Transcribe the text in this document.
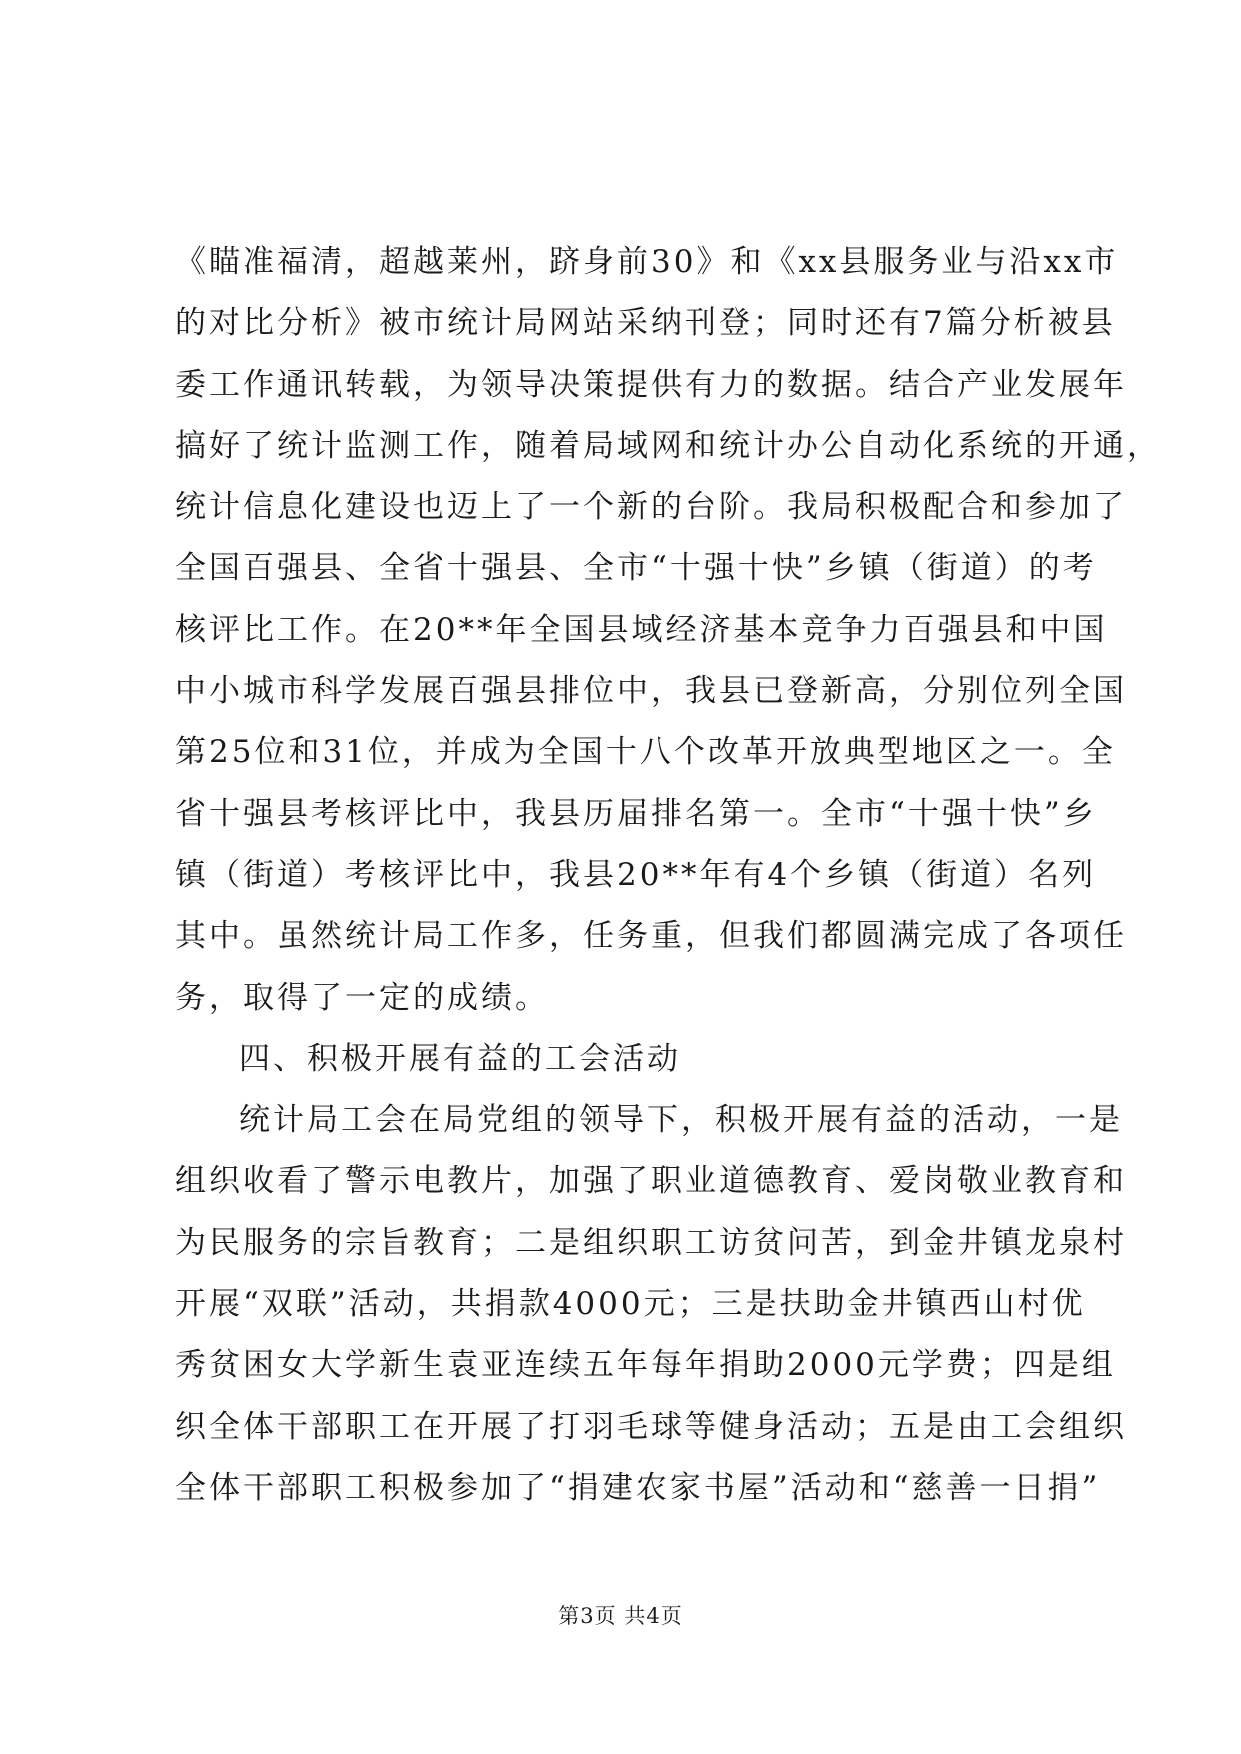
《瞄准福清，超越莱州，跻身前30》和《xx县服务业与沿xx市
的对比分析》被市统计局网站采纳刊登；同时还有7篇分析被县
委工作通讯转载，为领导决策提供有力的数据。结合产业发展年
搞好了统计监测工作，随着局域网和统计办公自动化系统的开通，
统计信息化建设也迈上了一个新的台阶。我局积极配合和参加了
全国百强县、全省十强县、全市“十强十快”乡镇（街道）的考
核评比工作。在20**年全国县域经济基本竞争力百强县和中国
中小城市科学发展百强县排位中，我县已登新高，分别位列全国
第25位和31位，并成为全国十八个改革开放典型地区之一。全
省十强县考核评比中，我县历届排名第一。全市“十强十快”乡
镇（街道）考核评比中，我县20**年有4个乡镇（街道）名列
其中。虽然统计局工作多，任务重，但我们都圆满完成了各项任
务，取得了一定的成绩。
四、积极开展有益的工会活动
统计局工会在局党组的领导下，积极开展有益的活动，一是
组织收看了警示电教片，加强了职业道德教育、爱岗敬业教育和
为民服务的宗旨教育；二是组织职工访贫问苦，到金井镇龙泉村
开展“双联”活动，共捐款4000元；三是扶助金井镇西山村优
秀贫困女大学新生袁亚连续五年每年捐助2000元学费；四是组
织全体干部职工在开展了打羽毛球等健身活动；五是由工会组织
全体干部职工积极参加了“捐建农家书屋”活动和“慈善一日捐”
第3页 共4页
